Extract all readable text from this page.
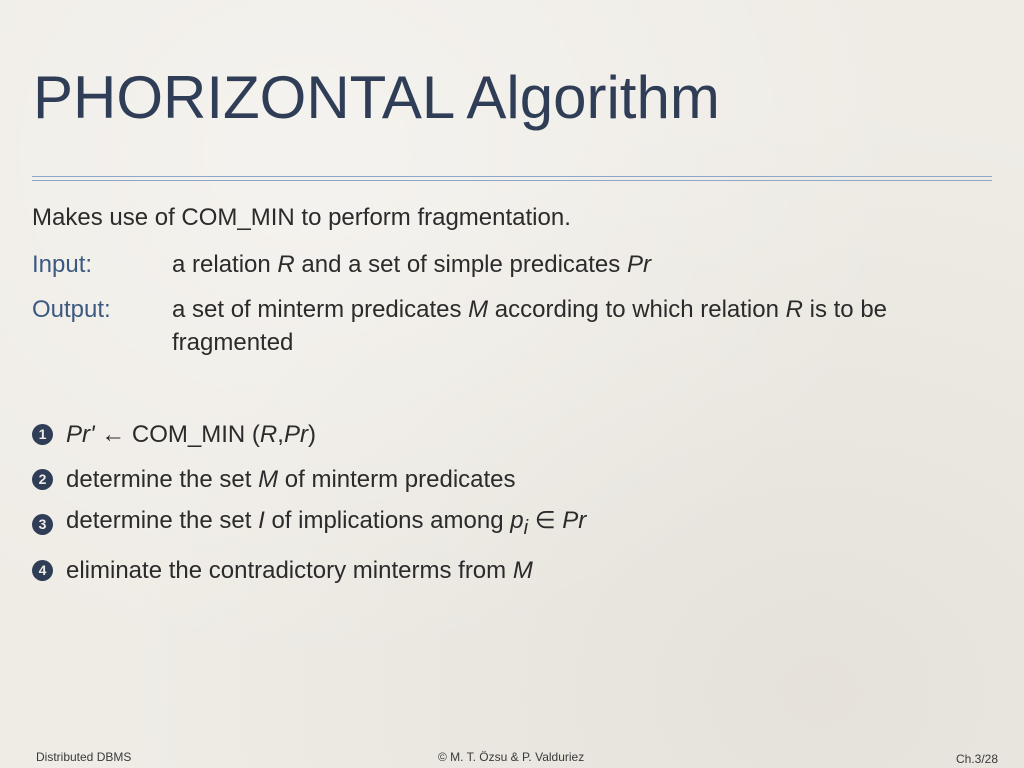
PHORIZONTAL Algorithm
Makes use of COM_MIN to perform fragmentation.
Input:	a relation R and a set of simple predicates Pr
Output:	a set of minterm predicates M according to which relation R is to be fragmented
1 Pr' ← COM_MIN (R,Pr)
2 determine the set M of minterm predicates
3 determine the set I of implications among $p_i$ ∈ Pr
4 eliminate the contradictory minterms from M
Distributed DBMS	© M. T. Özsu & P. Valduriez	Ch.3/28
